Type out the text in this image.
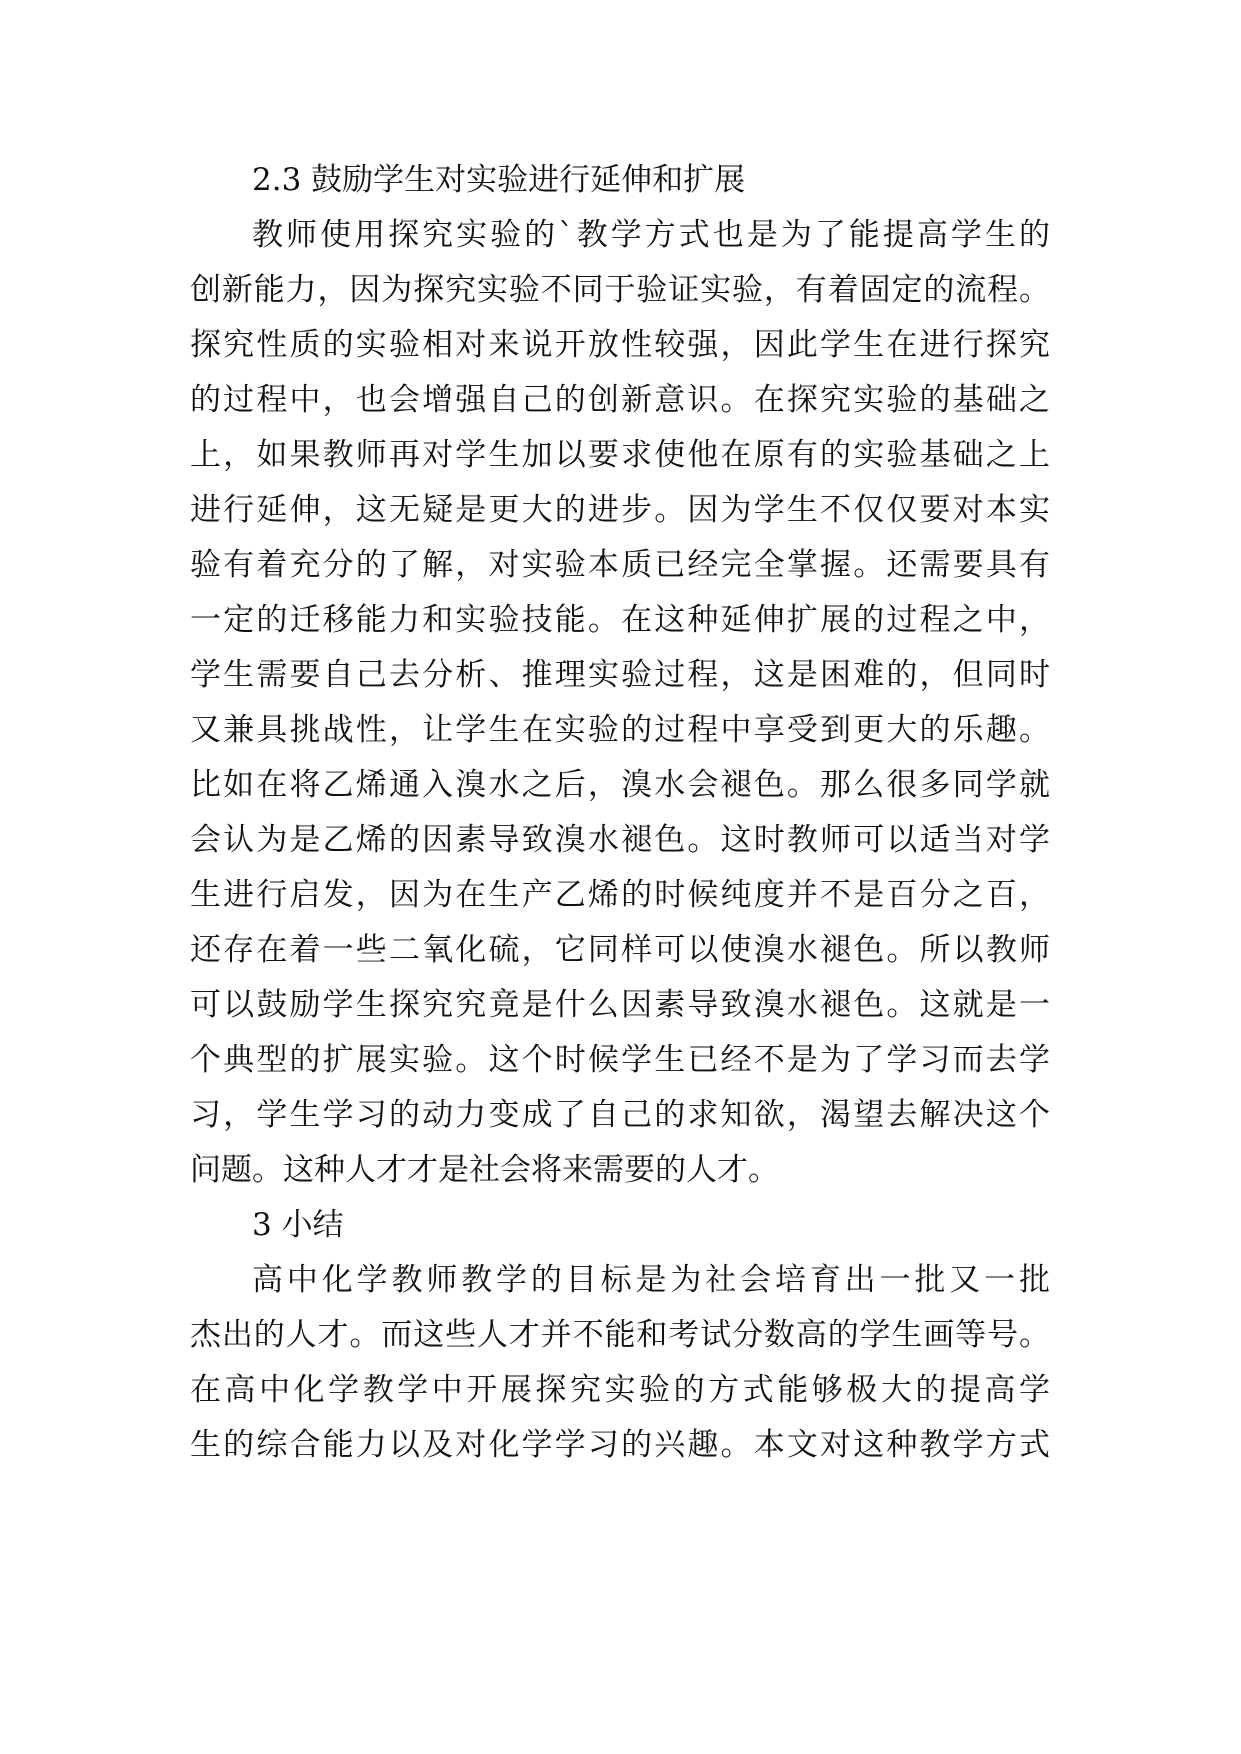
2.3 鼓励学生对实验进行延伸和扩展
教师使用探究实验的`教学方式也是为了能提高学生的
创新能力，因为探究实验不同于验证实验，有着固定的流程。
探究性质的实验相对来说开放性较强，因此学生在进行探究
的过程中，也会增强自己的创新意识。在探究实验的基础之
上，如果教师再对学生加以要求使他在原有的实验基础之上
进行延伸，这无疑是更大的进步。因为学生不仅仅要对本实
验有着充分的了解，对实验本质已经完全掌握。还需要具有
一定的迁移能力和实验技能。在这种延伸扩展的过程之中，
学生需要自己去分析、推理实验过程，这是困难的，但同时
又兼具挑战性，让学生在实验的过程中享受到更大的乐趣。
比如在将乙烯通入溴水之后，溴水会褪色。那么很多同学就
会认为是乙烯的因素导致溴水褪色。这时教师可以适当对学
生进行启发，因为在生产乙烯的时候纯度并不是百分之百，
还存在着一些二氧化硫，它同样可以使溴水褪色。所以教师
可以鼓励学生探究究竟是什么因素导致溴水褪色。这就是一
个典型的扩展实验。这个时候学生已经不是为了学习而去学
习，学生学习的动力变成了自己的求知欲，渴望去解决这个
问题。这种人才才是社会将来需要的人才。
3 小结
高中化学教师教学的目标是为社会培育出一批又一批
杰出的人才。而这些人才并不能和考试分数高的学生画等号。
在高中化学教学中开展探究实验的方式能够极大的提高学
生的综合能力以及对化学学习的兴趣。本文对这种教学方式
